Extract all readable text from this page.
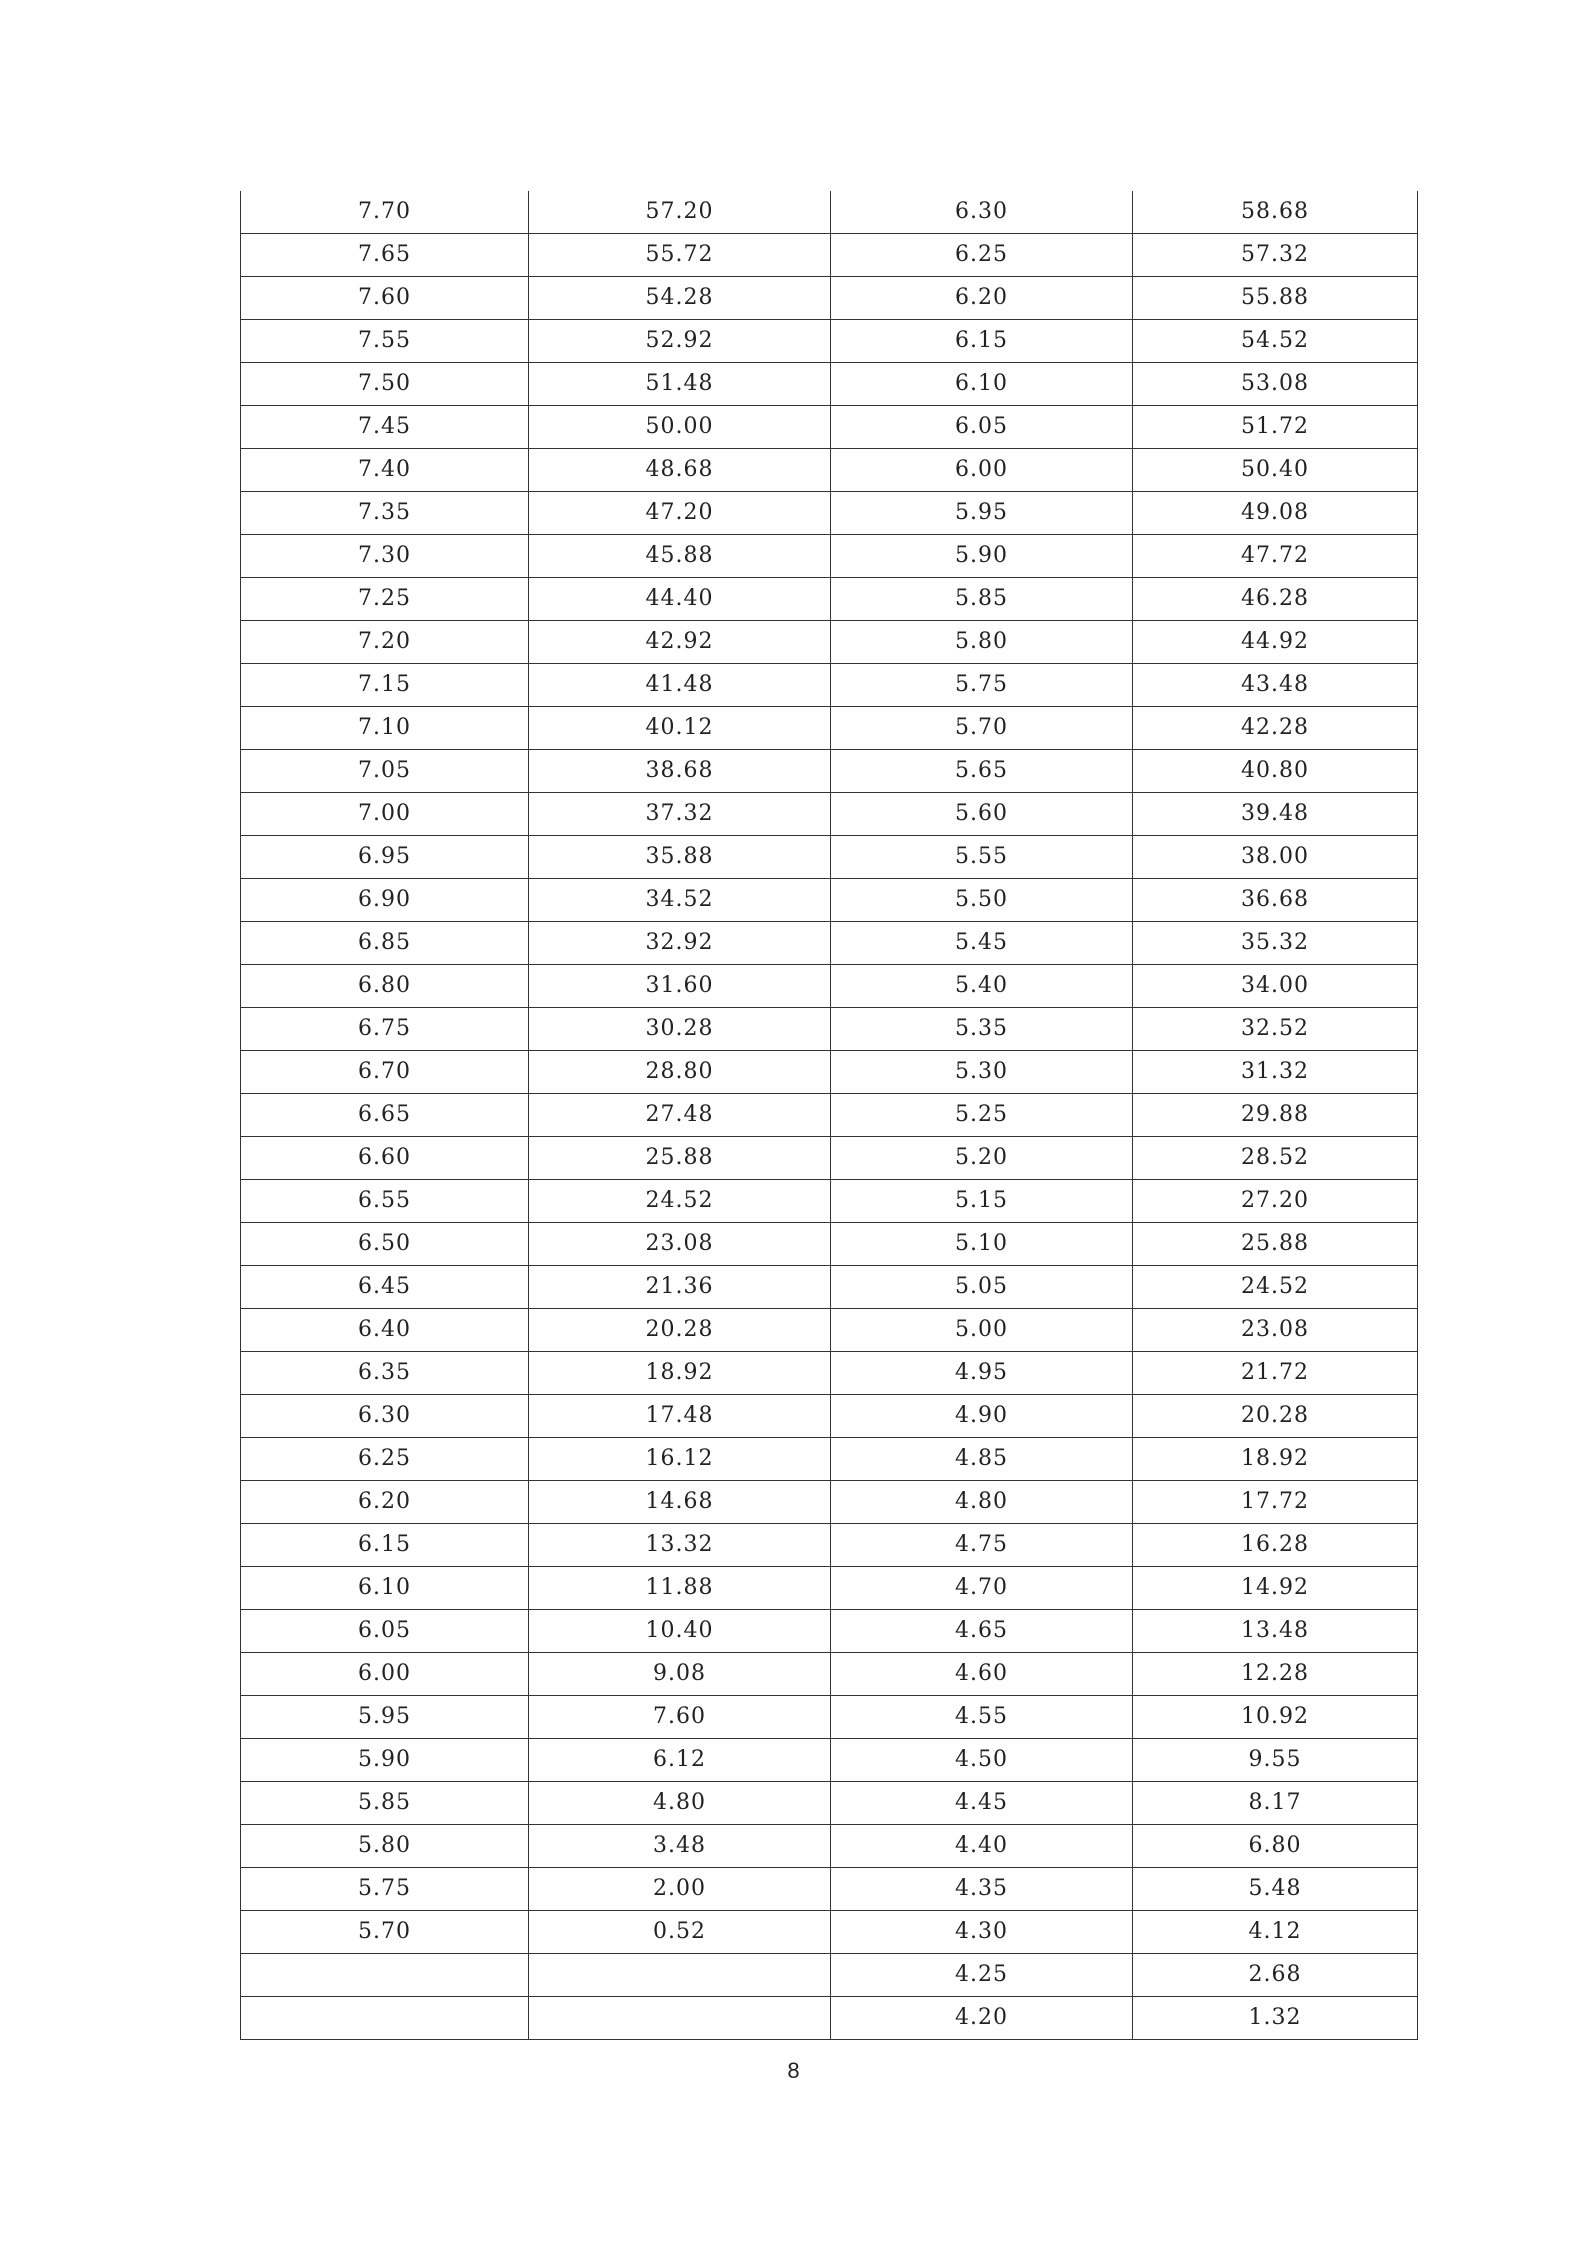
7.70	57.20	6.30	58.68
7.65	55.72	6.25	57.32
7.60	54.28	6.20	55.88
7.55	52.92	6.15	54.52
7.50	51.48	6.10	53.08
7.45	50.00	6.05	51.72
7.40	48.68	6.00	50.40
7.35	47.20	5.95	49.08
7.30	45.88	5.90	47.72
7.25	44.40	5.85	46.28
7.20	42.92	5.80	44.92
7.15	41.48	5.75	43.48
7.10	40.12	5.70	42.28
7.05	38.68	5.65	40.80
7.00	37.32	5.60	39.48
6.95	35.88	5.55	38.00
6.90	34.52	5.50	36.68
6.85	32.92	5.45	35.32
6.80	31.60	5.40	34.00
6.75	30.28	5.35	32.52
6.70	28.80	5.30	31.32
6.65	27.48	5.25	29.88
6.60	25.88	5.20	28.52
6.55	24.52	5.15	27.20
6.50	23.08	5.10	25.88
6.45	21.36	5.05	24.52
6.40	20.28	5.00	23.08
6.35	18.92	4.95	21.72
6.30	17.48	4.90	20.28
6.25	16.12	4.85	18.92
6.20	14.68	4.80	17.72
6.15	13.32	4.75	16.28
6.10	11.88	4.70	14.92
6.05	10.40	4.65	13.48
6.00	9.08	4.60	12.28
5.95	7.60	4.55	10.92
5.90	6.12	4.50	9.55
5.85	4.80	4.45	8.17
5.80	3.48	4.40	6.80
5.75	2.00	4.35	5.48
5.70	0.52	4.30	4.12
		4.25	2.68
		4.20	1.32
8
